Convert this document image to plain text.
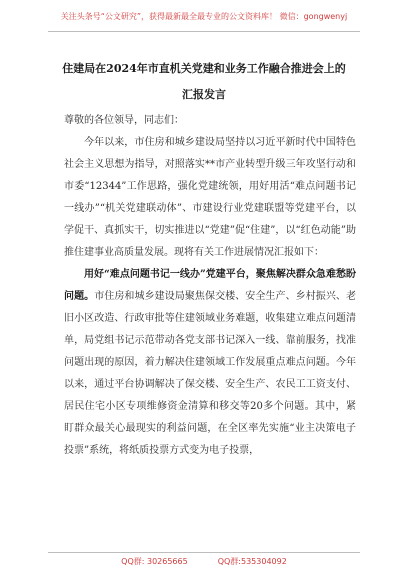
关注头条号“公文研究”，获得最新最全最专业的公文资料库！ 微信：gongwenyj
住建局在2024年市直机关党建和业务工作融合推进会上的
汇报发言

尊敬的各位领导，同志们：

今年以来，市住房和城乡建设局坚持以习近平新时代中国特色社会主义思想为指导，对照落实**市产业转型升级三年攻坚行动和市委“12344”工作思路，强化党建统领，用好用活“难点问题书记一线办”“机关党建联动体”、市建设行业党建联盟等党建平台，以学促干、真抓实干，切实推进以“党建”促“住建”，以“红色动能”助推住建事业高质量发展。现将有关工作进展情况汇报如下：

用好“难点问题书记一线办”党建平台，聚焦解决群众急难愁盼问题。市住房和城乡建设局聚焦保交楼、安全生产、乡村振兴、老旧小区改造、行政审批等住建领域业务难题，收集建立难点问题清单，局党组书记示范带动各党支部书记深入一线、靠前服务，找准问题出现的原因，着力解决住建领域工作发展重点难点问题。今年以来，通过平台协调解决了保交楼、安全生产、农民工工资支付、居民住宅小区专项维修资金清算和移交等20多个问题。其中，紧盯群众最关心最现实的利益问题，在全区率先实施“业主决策电子投票”系统，将纸质投票方式变为电子投票，

QQ群: 30265665	QQ群:535304092
